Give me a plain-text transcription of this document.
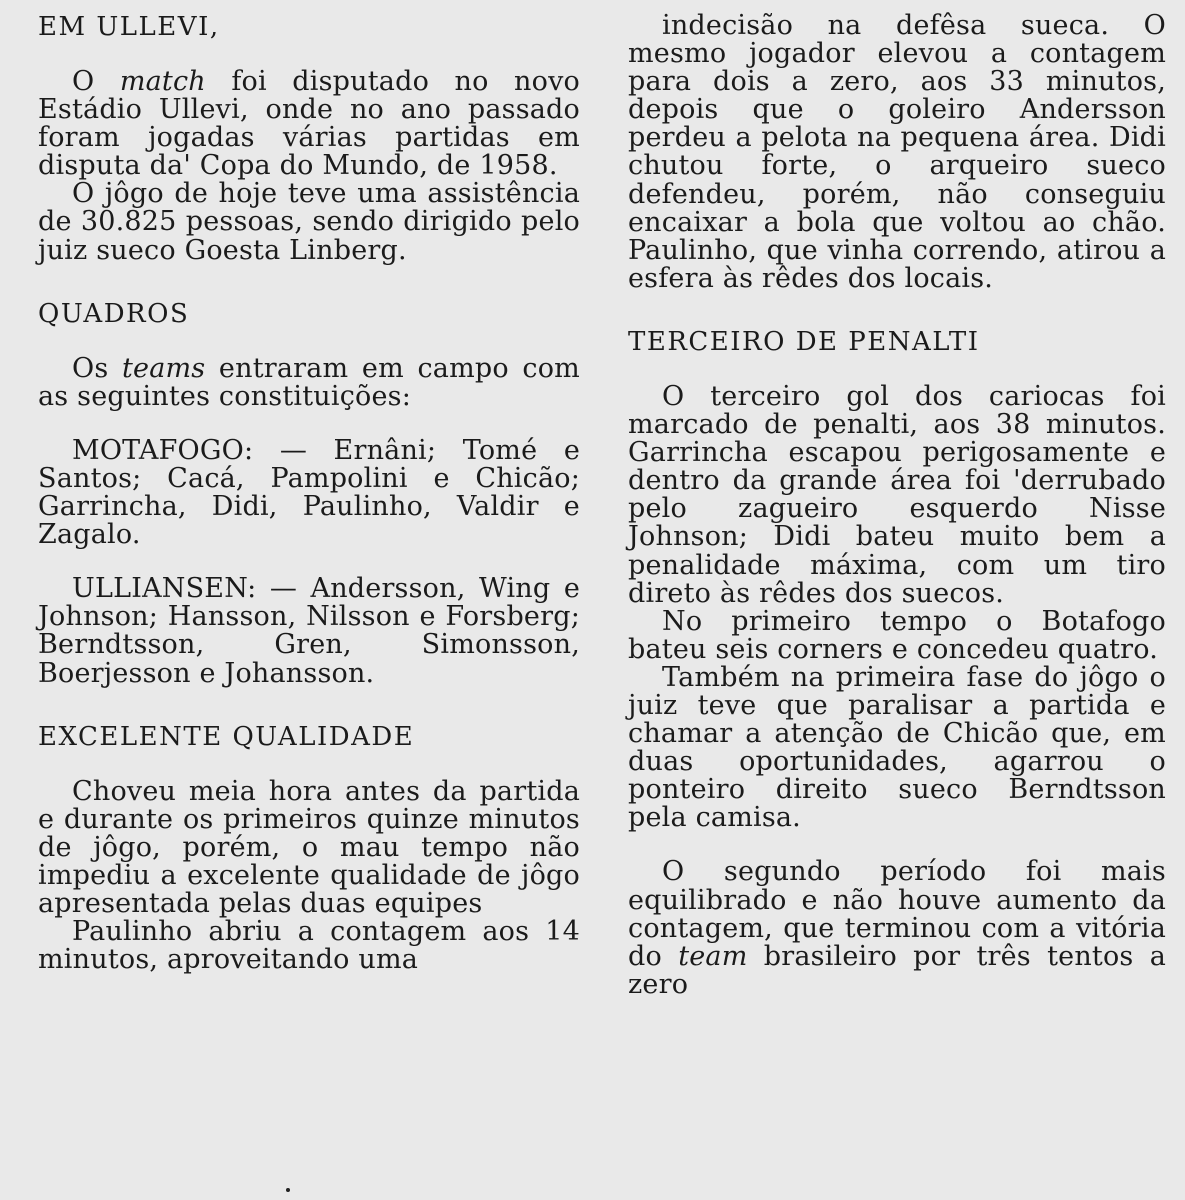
EM ULLEVI,

O match foi disputado no novo Estádio Ullevi, onde no ano passado foram jogadas várias partidas em disputa da' Copa do Mundo, de 1958.

O jôgo de hoje teve uma assistência de 30.825 pessoas, sendo dirigido pelo juiz sueco Goesta Linberg.

QUADROS

Os teams entraram em campo com as seguintes constituições:

MOTAFOGO: — Ernâni; Tomé e Santos; Cacá, Pampolini e Chicão; Garrincha, Didi, Paulinho, Valdir e Zagalo.

ULLIANSEN: — Andersson, Wing e Johnson; Hansson, Nilsson e Forsberg; Berndtsson, Gren, Simonsson, Boerjesson e Johansson.

EXCELENTE QUALIDADE

Choveu meia hora antes da partida e durante os primeiros quinze minutos de jôgo, porém, o mau tempo não impediu a excelente qualidade de jôgo apresentada pelas duas equipes

Paulinho abriu a contagem aos 14 minutos, aproveitando uma

indecisão na defêsa sueca. O mesmo jogador elevou a contagem para dois a zero, aos 33 minutos, depois que o goleiro Andersson perdeu a pelota na pequena área. Didi chutou forte, o arqueiro sueco defendeu, porém, não conseguiu encaixar a bola que voltou ao chão. Paulinho, que vinha correndo, atirou a esfera às rêdes dos locais.

TERCEIRO DE PENALTI

O terceiro gol dos cariocas foi marcado de penalti, aos 38 minutos. Garrincha escapou perigosamente e dentro da grande área foi 'derrubado pelo zagueiro esquerdo Nisse Johnson; Didi bateu muito bem a penalidade máxima, com um tiro direto às rêdes dos suecos.

No primeiro tempo o Botafogo bateu seis corners e concedeu quatro.

Também na primeira fase do jôgo o juiz teve que paralisar a partida e chamar a atenção de Chicão que, em duas oportunidades, agarrou o ponteiro direito sueco Berndtsson pela camisa.

O segundo período foi mais equilibrado e não houve aumento da contagem, que terminou com a vitória do team brasileiro por três tentos a zero
